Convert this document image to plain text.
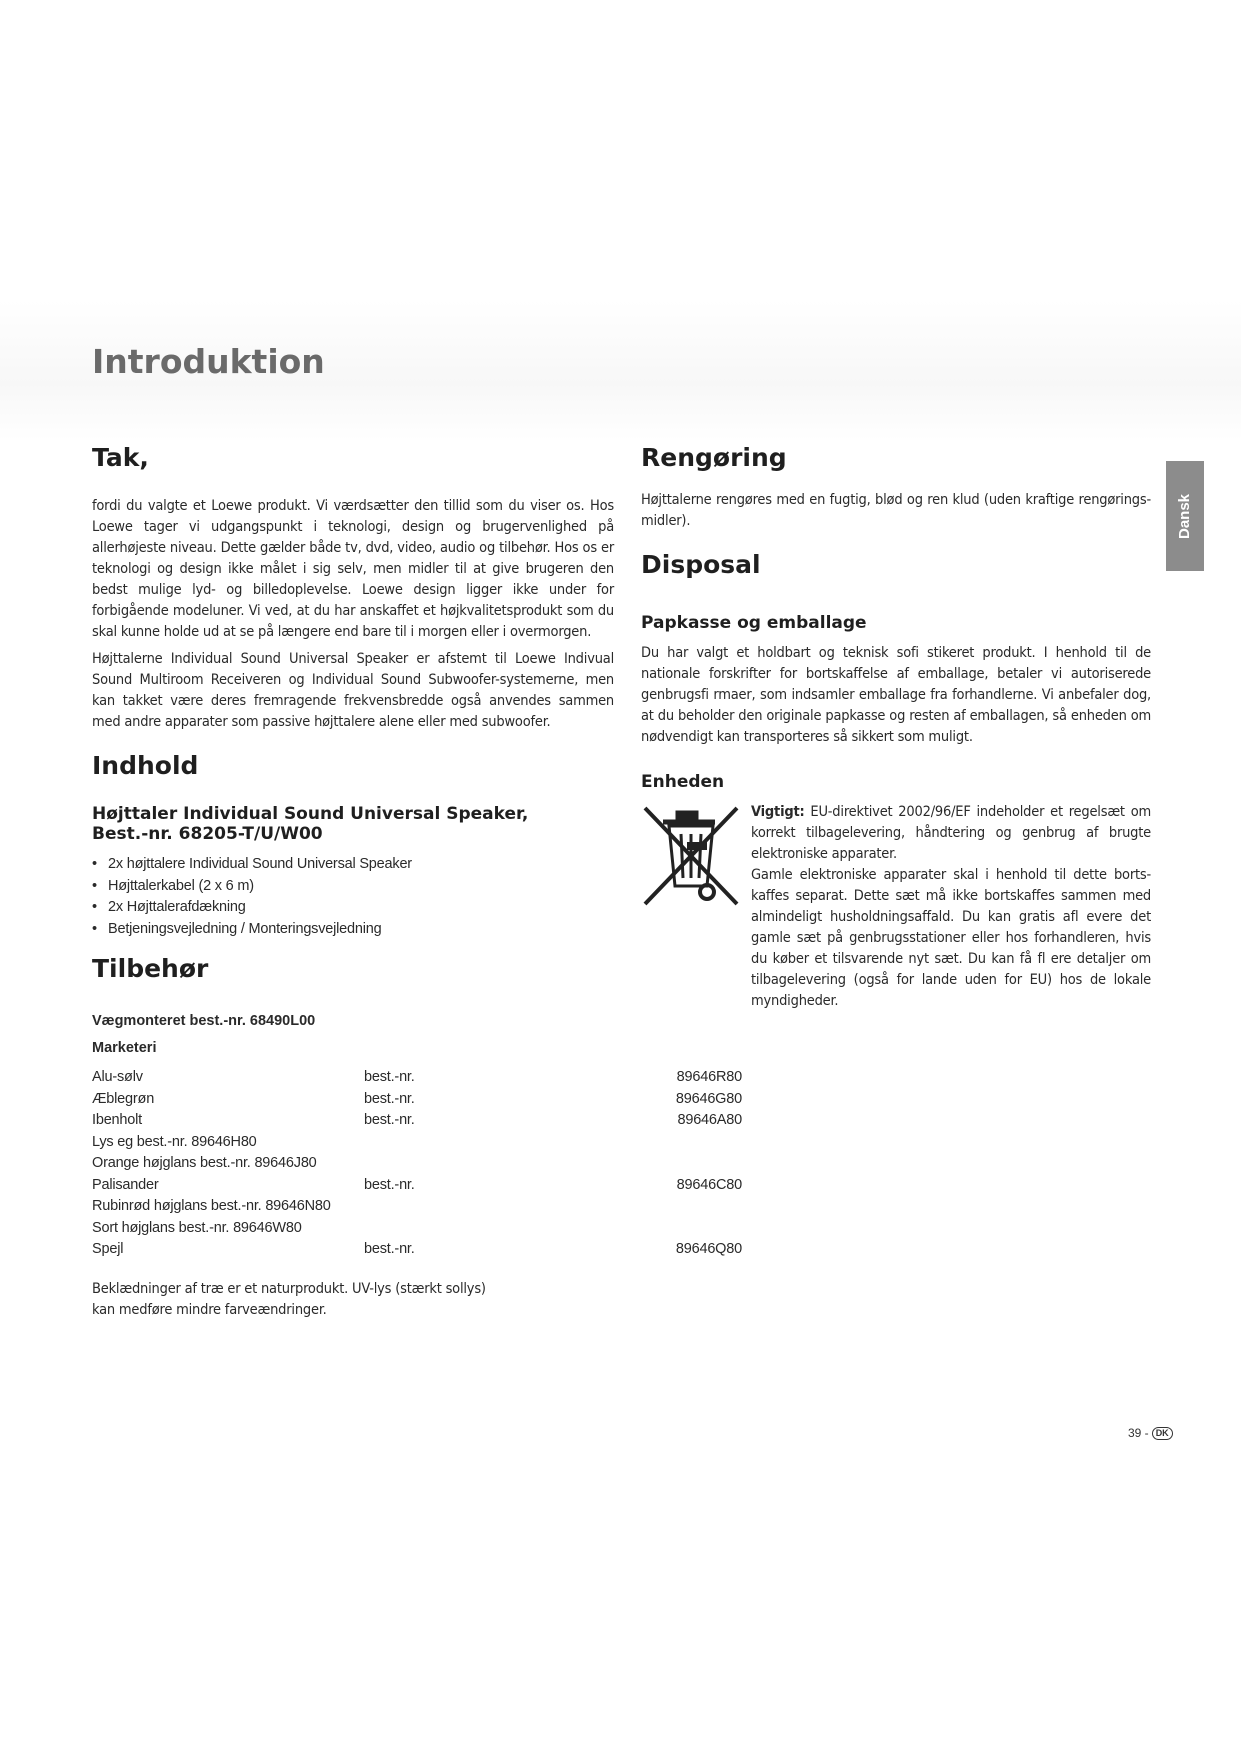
Introduktion
Dansk
Tak,

fordi du valgte et Loewe produkt. Vi værdsætter den tillid som du viser os. Hos Loewe tager vi udgangspunkt i teknologi, design og brugervenlighed på allerhøjeste niveau. Dette gælder både tv, dvd, video, audio og tilbehør. Hos os er teknologi og design ikke målet i sig selv, men midler til at give brugeren den bedst mulige lyd- og billedoplevelse. Loewe design ligger ikke under for forbigående modeluner. Vi ved, at du har anskaffet et højkvalitetsprodukt som du skal kunne holde ud at se på længere end bare til i morgen eller i overmorgen.

Højttalerne Individual Sound Universal Speaker er afstemt til Loewe Indivual Sound Multiroom Receiveren og Individual Sound Subwoofer-systemerne, men kan takket være deres fremragende frekvensbredde også anvendes sammen med andre apparater som passive højttalere alene eller med subwoofer.

Indhold
Højttaler Individual Sound Universal Speaker,
Best.-nr. 68205-T/U/W00
• 2x højttalere Individual Sound Universal Speaker
• Højttalerkabel (2 x 6 m)
• 2x Højttalerafdækning
• Betjeningsvejledning / Monteringsvejledning
Tilbehør
Vægmonteret best.-nr. 68490L00
Marketeri
Alu-sølv	best.-nr.	89646R80
Æblegrøn	best.-nr.	89646G80
Ibenholt	best.-nr.	89646A80
Lys eg best.-nr. 89646H80		
Orange højglans best.-nr. 89646J80		
Palisander	best.-nr.	89646C80
Rubinrød højglans best.-nr. 89646N80		
Sort højglans best.-nr. 89646W80		
Spejl	best.-nr.	89646Q80

Beklædninger af træ er et naturprodukt. UV-lys (stærkt sollys) kan medføre mindre farveændringer.

Rengøring

Højttalerne rengøres med en fugtig, blød og ren klud (uden kraftige rengørings-midler).

Disposal
Papkasse og emballage

Du har valgt et holdbart og teknisk sofi stikeret produkt. I henhold til de nationale forskrifter for bortskaffelse af emballage, betaler vi autoriserede genbrugsfi rmaer, som indsamler emballage fra forhandlerne. Vi anbefaler dog, at du beholder den originale papkasse og resten af emballagen, så enheden om nødvendigt kan transporteres så sikkert som muligt.

Enheden

Vigtigt: EU-direktivet 2002/96/EF indeholder et regelsæt om korrekt tilbagelevering, håndtering og genbrug af brugte elektroniske apparater.

Gamle elektroniske apparater skal i henhold til dette borts-kaffes separat. Dette sæt må ikke bortskaffes sammen med almindeligt husholdningsaffald. Du kan gratis afl evere det gamle sæt på genbrugsstationer eller hos forhandleren, hvis du køber et tilsvarende nyt sæt. Du kan få fl ere detaljer om tilbagelevering (også for lande uden for EU) hos de lokale myndigheder.

39 - DK
